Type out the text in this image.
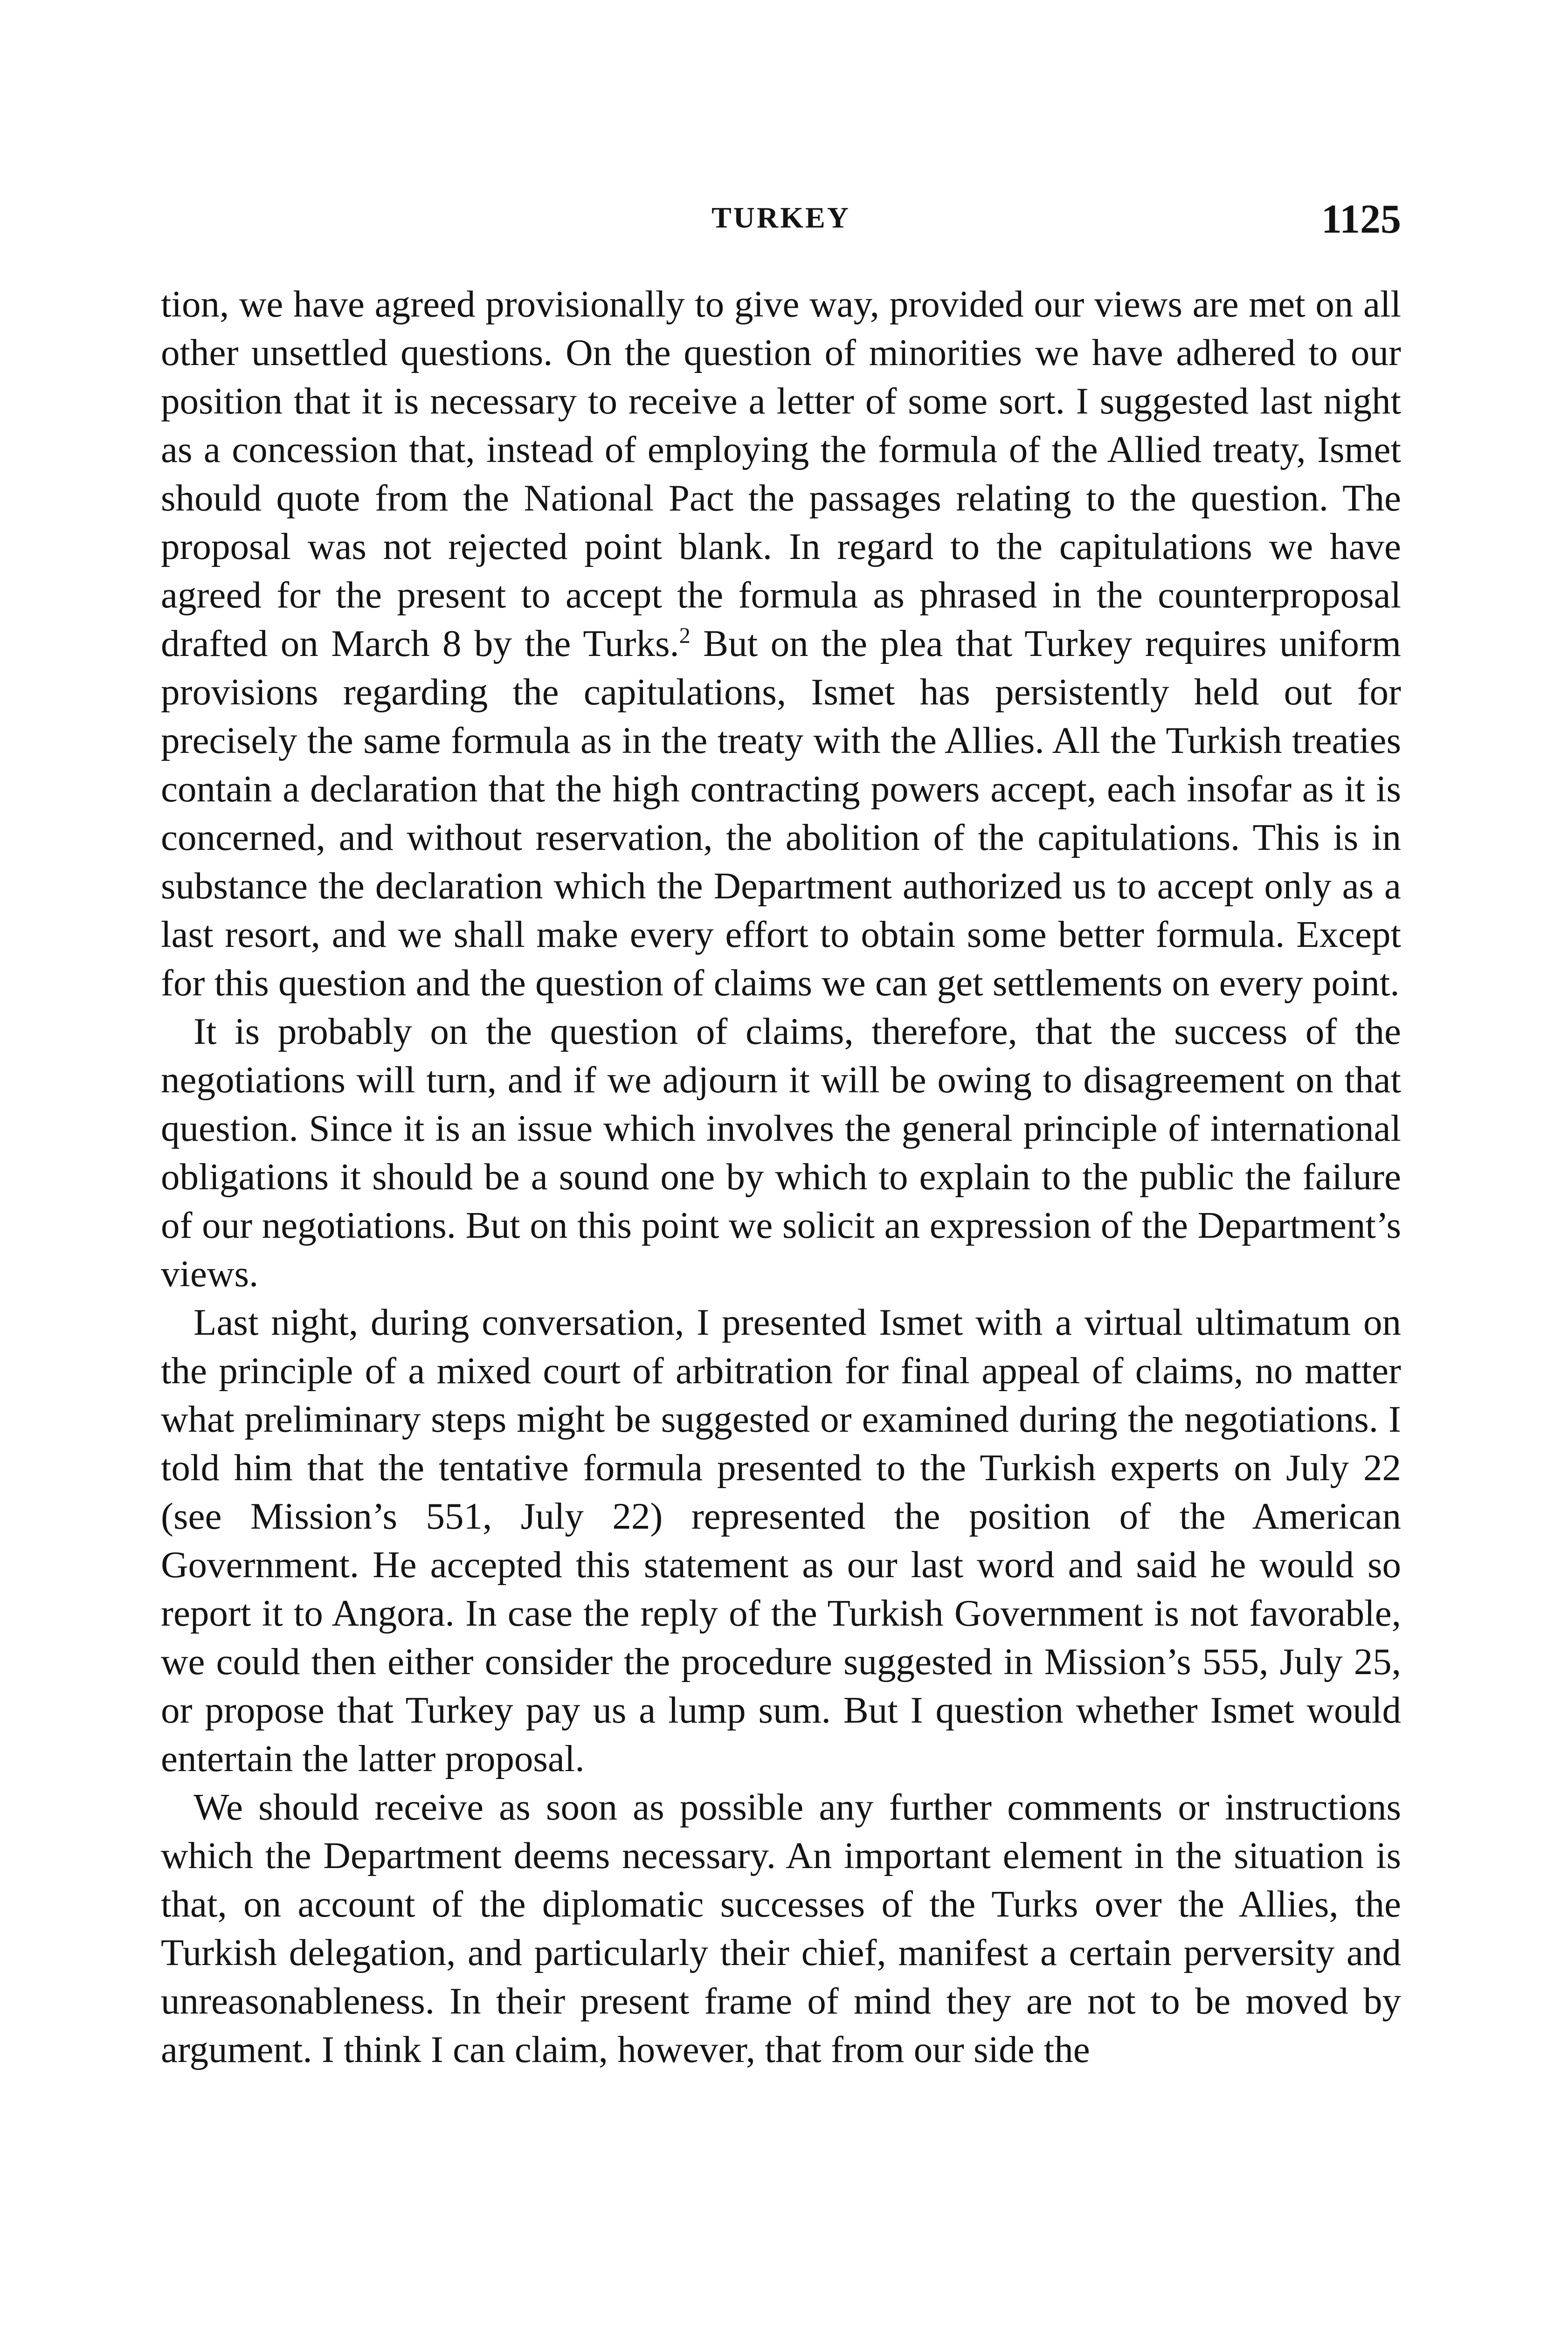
TURKEY	1125

tion, we have agreed provisionally to give way, provided our views are met on all other unsettled questions. On the question of minorities we have adhered to our position that it is necessary to receive a letter of some sort. I suggested last night as a concession that, instead of employing the formula of the Allied treaty, Ismet should quote from the National Pact the passages relating to the question. The proposal was not rejected point blank. In regard to the capitulations we have agreed for the present to accept the formula as phrased in the counterproposal drafted on March 8 by the Turks.$^2$ But on the plea that Turkey requires uniform provisions regarding the capitulations, Ismet has persistently held out for precisely the same formula as in the treaty with the Allies. All the Turkish treaties contain a declaration that the high contracting powers accept, each insofar as it is concerned, and without reservation, the abolition of the capitulations. This is in substance the declaration which the Department authorized us to accept only as a last resort, and we shall make every effort to obtain some better formula. Except for this question and the question of claims we can get settlements on every point.

It is probably on the question of claims, therefore, that the success of the negotiations will turn, and if we adjourn it will be owing to disagreement on that question. Since it is an issue which involves the general principle of international obligations it should be a sound one by which to explain to the public the failure of our negotiations. But on this point we solicit an expression of the Department’s views.

Last night, during conversation, I presented Ismet with a virtual ultimatum on the principle of a mixed court of arbitration for final appeal of claims, no matter what preliminary steps might be suggested or examined during the negotiations. I told him that the tentative formula presented to the Turkish experts on July 22 (see Mission’s 551, July 22) represented the position of the American Government. He accepted this statement as our last word and said he would so report it to Angora. In case the reply of the Turkish Government is not favorable, we could then either consider the procedure suggested in Mission’s 555, July 25, or propose that Turkey pay us a lump sum. But I question whether Ismet would entertain the latter proposal.

We should receive as soon as possible any further comments or instructions which the Department deems necessary. An important element in the situation is that, on account of the diplomatic successes of the Turks over the Allies, the Turkish delegation, and particularly their chief, manifest a certain perversity and unreasonableness. In their present frame of mind they are not to be moved by argument. I think I can claim, however, that from our side the
